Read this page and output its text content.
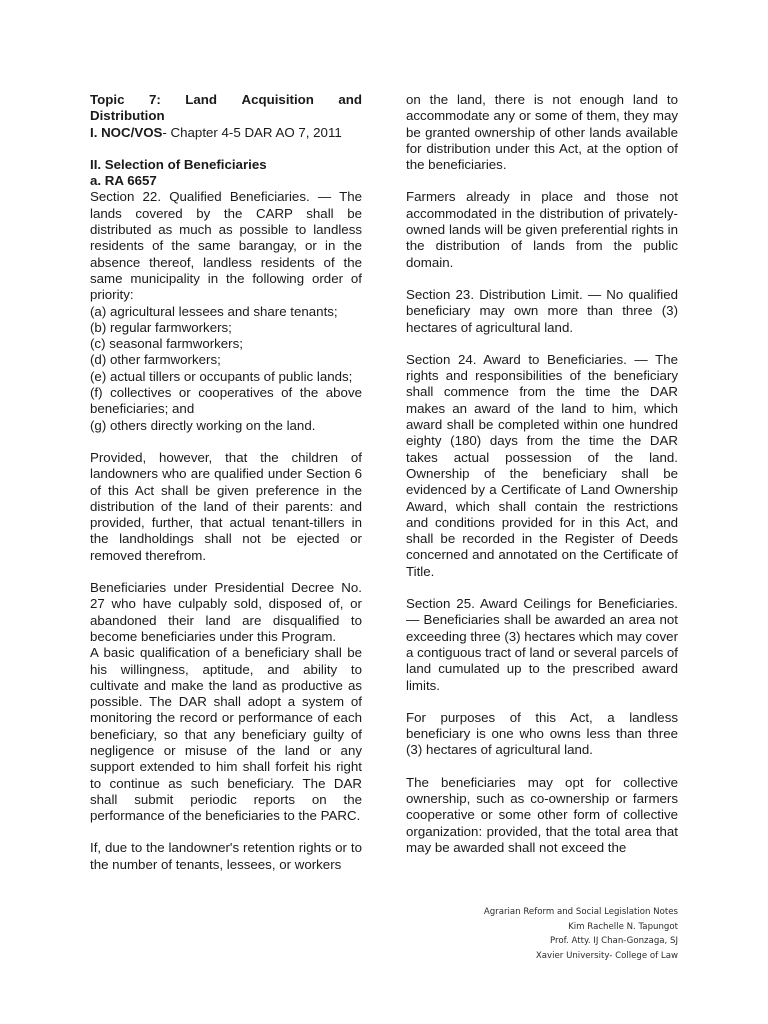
Topic 7: Land Acquisition and

Distribution

I. NOC/VOS- Chapter 4-5 DAR AO 7, 2011

II. Selection of Beneficiaries

a. RA 6657

Section 22. Qualified Beneficiaries. — The lands covered by the CARP shall be distributed as much as possible to landless residents of the same barangay, or in the absence thereof, landless residents of the same municipality in the following order of priority:

(a) agricultural lessees and share tenants;

(b) regular farmworkers;

(c) seasonal farmworkers;

(d) other farmworkers;

(e) actual tillers or occupants of public lands;

(f) collectives or cooperatives of the above beneficiaries; and

(g) others directly working on the land.

Provided, however, that the children of landowners who are qualified under Section 6 of this Act shall be given preference in the distribution of the land of their parents: and provided, further, that actual tenant-tillers in the landholdings shall not be ejected or removed therefrom.

Beneficiaries under Presidential Decree No. 27 who have culpably sold, disposed of, or abandoned their land are disqualified to become beneficiaries under this Program.

A basic qualification of a beneficiary shall be his willingness, aptitude, and ability to cultivate and make the land as productive as possible. The DAR shall adopt a system of monitoring the record or performance of each beneficiary, so that any beneficiary guilty of negligence or misuse of the land or any support extended to him shall forfeit his right to continue as such beneficiary. The DAR shall submit periodic reports on the performance of the beneficiaries to the PARC.

If, due to the landowner's retention rights or to the number of tenants, lessees, or workers

on the land, there is not enough land to accommodate any or some of them, they may be granted ownership of other lands available for distribution under this Act, at the option of the beneficiaries.

Farmers already in place and those not accommodated in the distribution of privately-owned lands will be given preferential rights in the distribution of lands from the public domain.

Section 23. Distribution Limit. — No qualified beneficiary may own more than three (3) hectares of agricultural land.

Section 24. Award to Beneficiaries. — The rights and responsibilities of the beneficiary shall commence from the time the DAR makes an award of the land to him, which award shall be completed within one hundred eighty (180) days from the time the DAR takes actual possession of the land. Ownership of the beneficiary shall be evidenced by a Certificate of Land Ownership Award, which shall contain the restrictions and conditions provided for in this Act, and shall be recorded in the Register of Deeds concerned and annotated on the Certificate of Title.

Section 25. Award Ceilings for Beneficiaries. — Beneficiaries shall be awarded an area not exceeding three (3) hectares which may cover a contiguous tract of land or several parcels of land cumulated up to the prescribed award limits.

For purposes of this Act, a landless beneficiary is one who owns less than three (3) hectares of agricultural land.

The beneficiaries may opt for collective ownership, such as co-ownership or farmers cooperative or some other form of collective organization: provided, that the total area that may be awarded shall not exceed the

Agrarian Reform and Social Legislation Notes
Kim Rachelle N. Tapungot
Prof. Atty. IJ Chan-Gonzaga, SJ
Xavier University- College of Law
